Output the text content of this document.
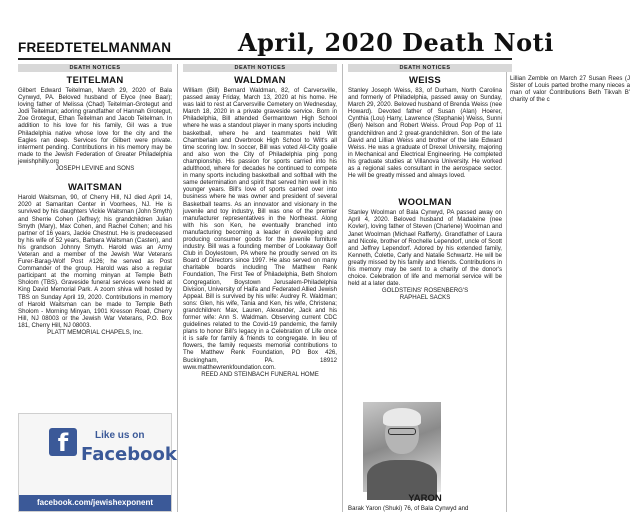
FREEDTETELMANMAN	April, 2020 Death Noti
DEATH NOTICES
TEITELMAN
Gilbert Edward Teitelman, March 29, 2020 of Bala Cynwyd, PA. Beloved husband of Elyce (nee Baar); loving father of Melissa (Chad) Teitelman-Grotegut and Jodi Teitelman; adoring grandfather of Hannah Grotegut, Zoe Grotegut, Ethan Teitelman and Jacob Teitelman. In addition to his love for his family, Gil was a true Philadelphia native whose love for the city and the Eagles ran deep. Services for Gilbert were private. interment pending. Contributions in his memory may be made to the Jewish Federation of Greater Philadelphia jewishphilly.org
JOSEPH LEVINE and SONS
WAITSMAN
Harold Waitsman, 90, of Cherry Hill, NJ died April 14, 2020 at Samaritan Center in Voorhees, NJ. He is survived by his daughters Vickie Waitsman (John Smyth) and Sherrie Cohen (Jeffrey); his grandchildren Julian Smyth (Mary), Max Cohen, and Rachel Cohen; and his partner of 16 years, Jackie Chestnut. He is predeceased by his wife of 52 years, Barbara Waitsman (Casten), and his grandson Johnny Smyth. Harold was an Army Veteran and a member of the Jewish War Veterans Furer-Barag-Wolf Post #126; he served as Post Commander of the group. Harold was also a regular participant at the morning minyan at Temple Beth Sholom (TBS). Graveside funeral services were held at King David Memorial Park. A zoom shiva will hosted by TBS on Sunday April 19, 2020. Contributions in memory of Harold Waitsman can be made to Temple Beth Sholom - Morning Minyan, 1901 Kresson Road, Cherry Hill, NJ 08003 or the Jewish War Veterans, P.O. Box 181, Cherry Hill, NJ 08003.
PLATT MEMORIAL CHAPELS, Inc.
f	Like us on
Facebook
facebook.com/jewishexponent
DEATH NOTICES
WALDMAN
William (Bill) Bernard Waldman, 82, of Carversville, passed away Friday, March 13, 2020 at his home. He was laid to rest at Carversville Cemetery on Wednesday, March 18, 2020 in a private graveside service. Born in Philadelphia, Bill attended Germantown High School where he was a standout player in many sports including basketball, where he and teammates held Wilt Chamberlain and Overbrook High School to Wilt's all time scoring low. In soccer, Bill was voted All-City goalie and also won the City of Philadelphia ping pong championship. His passion for sports carried into his adulthood, where for decades he continued to compete in many sports including basketball and softball with the same determination and spirit that served him well in his younger years. Bill's love of sports carried over into business where he was owner and president of several Basketball teams. As an innovator and visionary in the juvenile and toy industry, Bill was one of the premier manufacturer representatives in the Northeast. Along with his son Ken, he eventually branched into manufacturing becoming a leader in developing and producing consumer goods for the juvenile furniture industry. Bill was a founding member of Lookaway Golf Club in Doylestown, PA where he proudly served on its Board of Directors since 1997. He also served on many charitable boards including The Matthew Renk Foundation, The First Tee of Philadelphia, Beth Sholom Congregation, Boystown Jerusalem-Philadelphia Division, University of Haifa and Federated Allied Jewish Appeal. Bill is survived by his wife: Audrey R. Waldman; sons: Glen, his wife, Tania and Ken, his wife, Christena; grandchildren: Max, Lauren, Alexander, Jack and his former wife: Ann S. Waldman. Observing current CDC guidelines related to the Covid-19 pandemic, the family plans to honor Bill's legacy in a Celebration of Life once it is safe for family & friends to congregate. In lieu of flowers, the family requests memorial contributions to The Matthew Renk Foundation, PO Box 426, Buckingham, PA. 18912 www.matthewrenkfoundation.com.
REED AND STEINBACH FUNERAL HOME
DEATH NOTICES
WEISS
Stanley Joseph Weiss, 83, of Durham, North Carolina and formerly of Philadelphia, passed away on Sunday, March 29, 2020. Beloved husband of Brenda Weiss (nee Howard). Devoted father of Susan (Alan) Hoerer, Cynthia (Lou) Harry, Lawrence (Stephanie) Weiss, Sunni (Ben) Nelson and Robert Weiss. Proud Pop Pop of 11 grandchildren and 2 great-grandchildren. Son of the late David and Lillian Weiss and brother of the late Edward Weiss. He was a graduate of Drexel University, majoring in Mechanical and Electrical Engineering. He completed his graduate studies at Villanova University. He worked as a regional sales consultant in the aerospace sector. He will be greatly missed and always loved.
WOOLMAN
Stanley Woolman of Bala Cynwyd, PA passed away on April 4, 2020. Beloved husband of Madaleine (nee Kovler), loving father of Steven (Charlene) Woolman and Janet Woolman (Michael Rafferty). Grandfather of Laura and Nicole, brother of Rochelle Lependorf, uncle of Scott and Jeffrey Lependorf. Adored by his extended family, Kenneth, Colette, Carly and Natalie Schwartz. He will be greatly missed by his family and friends. Contributions in his memory may be sent to a charity of the donor's choice. Celebration of life and memorial service will be held at a later date.
GOLDSTEINS' ROSENBERG'S
RAPHAEL SACKS
YARON
Barak Yaron (Shuki) 76, of Bala Cynwyd and

Lillian Zemble on March 27 Susan Rees (J Sister of Louis parted brothe many nieces a man of valor Contributions Beth Tikvah B' charity of the c
